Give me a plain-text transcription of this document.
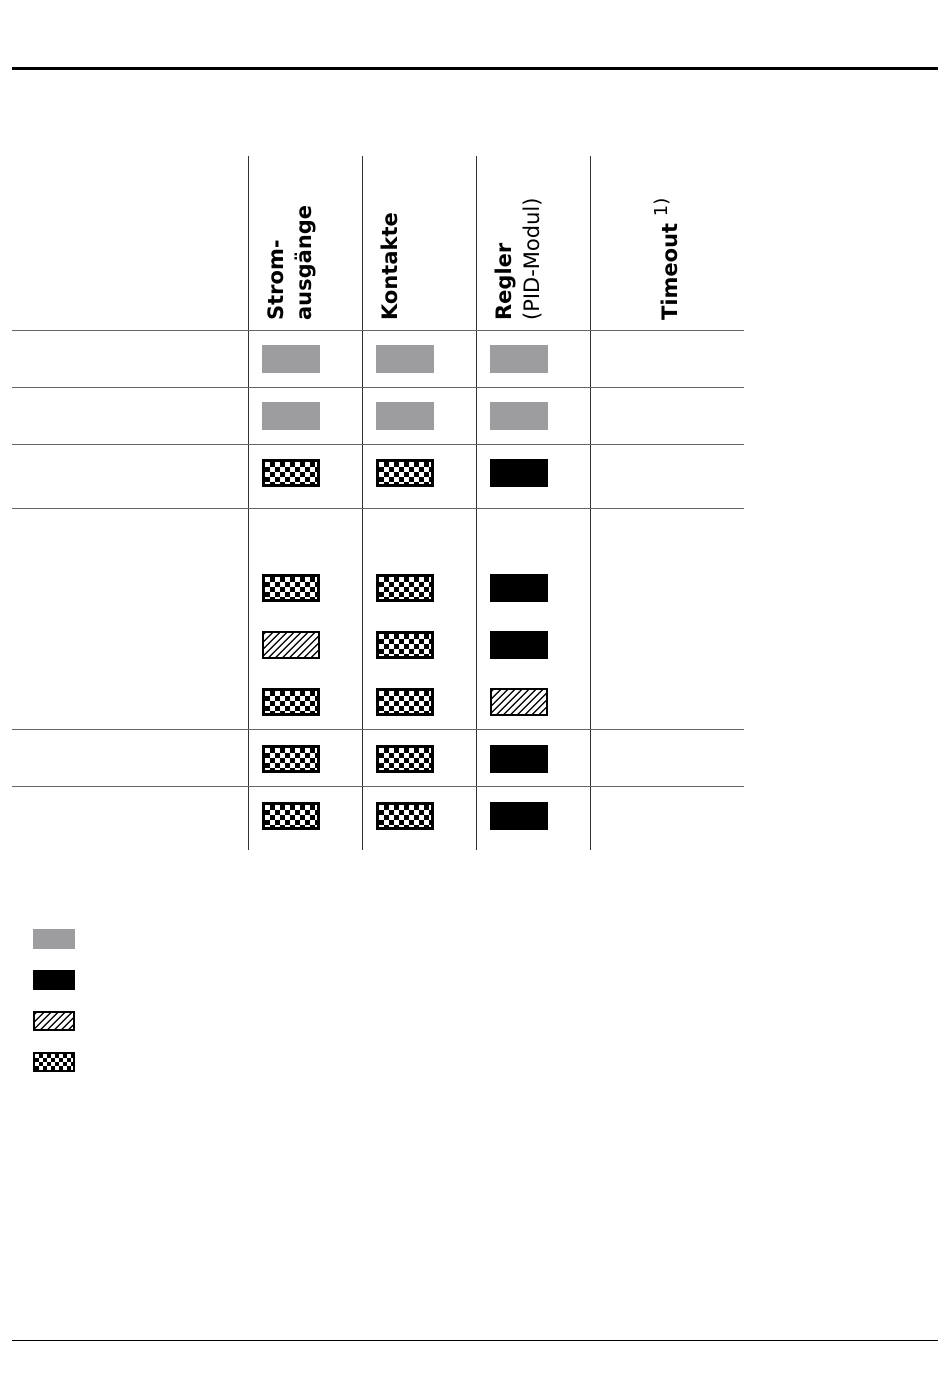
Strom- ausgänge	Kontakte	Regler (PID-Modul)	Timeout 1)
